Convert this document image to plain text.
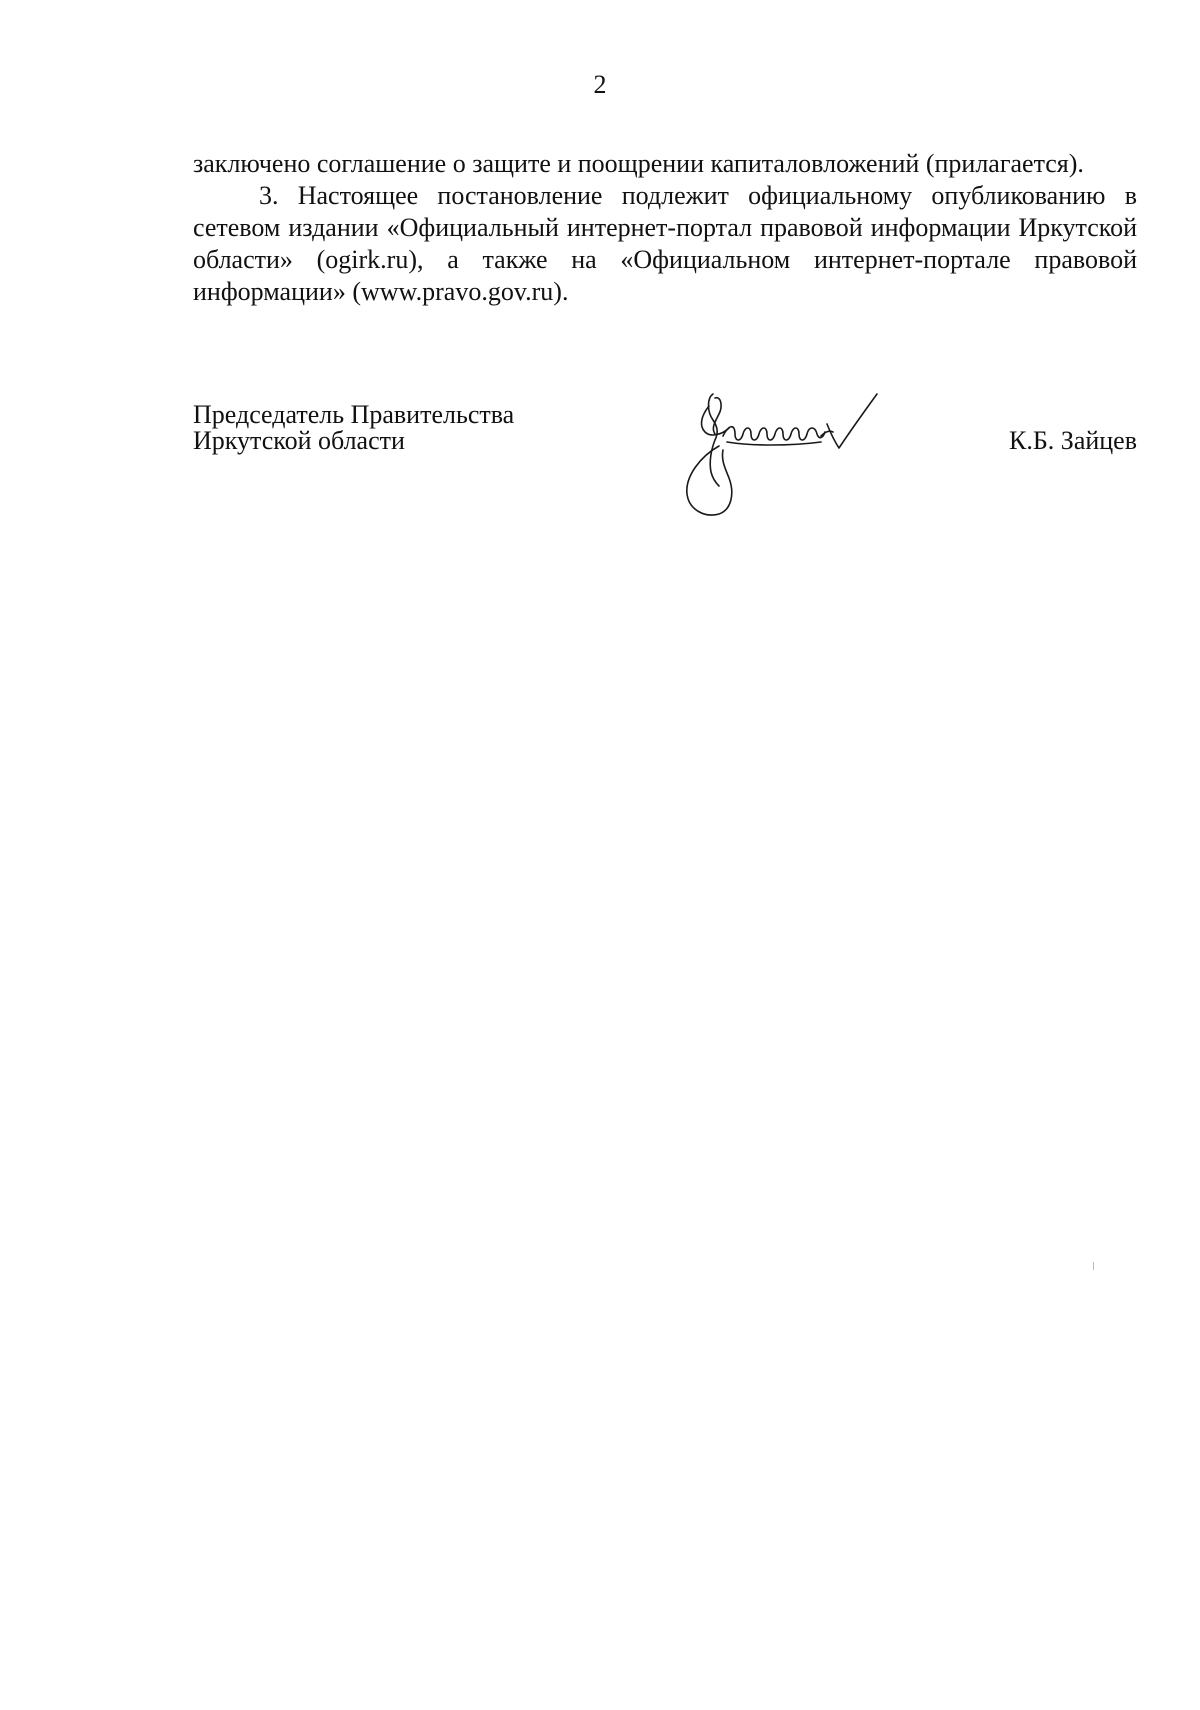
2

заключено соглашение о защите и поощрении капиталовложений (прилагается).

3. Настоящее постановление подлежит официальному опубликованию в сетевом издании «Официальный интернет-портал правовой информации Иркутской области» (ogirk.ru), а также на «Официальном интернет-портале правовой информации» (www.pravo.gov.ru).

Председатель Правительства
Иркутской области	К.Б. Зайцев
